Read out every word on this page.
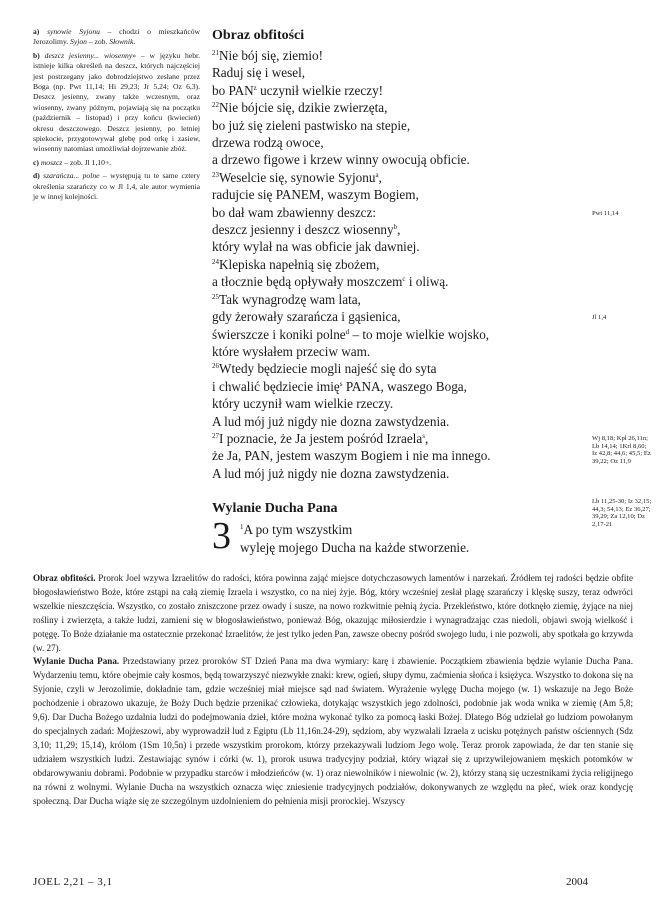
a) synowie Syjonu – chodzi o mieszkańców Jerozolimy. Syjon – zob. Słownik.

b) deszcz jesienny... wiosenny» – w języku hebr. istnieje kilka określeń na deszcz, których najczęściej jest postrzegany jako dobrodziejstwo zesłane przez Boga (np. Pwt 11,14; Hi 29,23; Jr 5,24; Oz 6,3). Deszcz jesienny, zwany także wczesnym, oraz wiosenny, zwany późnym, pojawiają się na początku (październik – listopad) i przy końcu (kwiecień) okresu deszczowego. Deszcz jesienny, po letniej spiekocie, przygotowywał glebę pod orkę i zasiew, wiosenny natomiast umożliwiał dojrzewanie zbóż.

c) moszcz – zob. Jl 1,10+.

d) szarańcza... polne – występują tu te same cztery określenia szarańczy co w Jl 1,4, ale autor wymienia je w innej kolejności.

Obraz obfitości
$^{21}$Nie bój się, ziemio!
Raduj się i wesel,
bo PAN$^z$ uczynił wielkie rzeczy!
$^{22}$Nie bójcie się, dzikie zwierzęta,
bo już się zieleni pastwisko na stepie,
drzewa rodzą owoce,
a drzewo figowe i krzew winny owocują obficie.
$^{23}$Weselcie się, synowie Syjonu$^a$,
radujcie się PANEM, waszym Bogiem,
bo dał wam zbawienny deszcz:
deszcz jesienny i deszcz wiosenny$^b$,
który wylał na was obficie jak dawniej.
$^{24}$Klepiska napełnią się zbożem,
a tłocznie będą opływały moszczem$^c$ i oliwą.
$^{25}$Tak wynagrodzę wam lata,
gdy żerowały szarańcza i gąsienica,
świerszcze i koniki polne$^d$ – to moje wielkie wojsko,
które wysłałem przeciw wam.
$^{26}$Wtedy będziecie mogli najeść się do syta
i chwalić będziecie imię$^s$ PANA, waszego Boga,
który uczynił wam wielkie rzeczy.
A lud mój już nigdy nie dozna zawstydzenia.
$^{27}$I poznacie, że Ja jestem pośród Izraela$^s$,
że Ja, PAN, jestem waszym Bogiem i nie ma innego.
A lud mój już nigdy nie dozna zawstydzenia.
Wylanie Ducha Pana
3 $^1$A po tym wszystkim
wyleję mojego Ducha na każde stworzenie.
Pwt 11,14
Jl 1,4
Wj 8,18; Kpł 26,11n; Lb 14,14; 1Krl 8,60; Iz 42,8; 44,6; 45,5; Ez 39,22; Oz 11,9
Lb 11,25-30; Iz 32,15; 44,3; 54,13; Ez 36,27; 39,29; Za 12,10; Dz 2,17-21

Obraz obfitości. Prorok Joel wzywa Izraelitów do radości, która powinna zająć miejsce dotychczasowych lamentów i narzekań. Źródłem tej radości będzie obfite błogosławieństwo Boże, które zstąpi na całą ziemię Izraela i wszystko, co na niej żyje. Bóg, który wcześniej zesłał plagę szarańczy i klęskę suszy, teraz odwróci wszelkie nieszczęścia. Wszystko, co zostało zniszczone przez owady i susze, na nowo rozkwitnie pełnią życia. Przekleństwo, które dotknęło ziemię, żyjące na niej rośliny i zwierzęta, a także ludzi, zamieni się w błogosławieństwo, ponieważ Bóg, okazując miłosierdzie i wynagradzając czas niedoli, objawi swoją wielkość i potęgę. To Boże działanie ma ostatecznie przekonać Izraelitów, że jest tylko jeden Pan, zawsze obecny pośród swojego ludu, i nie pozwoli, aby spotkała go krzywda (w. 27).

Wylanie Ducha Pana. Przedstawiany przez proroków ST Dzień Pana ma dwa wymiary: karę i zbawienie. Początkiem zbawienia będzie wylanie Ducha Pana. Wydarzeniu temu, które obejmie cały kosmos, będą towarzyszyć niezwykłe znaki: krew, ogień, słupy dymu, zaćmienia słońca i księżyca. Wszystko to dokona się na Syjonie, czyli w Jerozolimie, dokładnie tam, gdzie wcześniej miał miejsce sąd nad światem. Wyrażenie wylęgę Ducha mojego (w. 1) wskazuje na Jego Boże pochodzenie i obrazowo ukazuje, że Boży Duch będzie przenikać człowieka, dotykając wszystkich jego zdolności, podobnie jak woda wnika w ziemię (Am 5,8; 9,6). Dar Ducha Bożego uzdalnia ludzi do podejmowania dzieł, które można wykonać tylko za pomocą łaski Bożej. Dlatego Bóg udzielał go ludziom powołanym do specjalnych zadań: Mojżeszowi, aby wyprowadził lud z Egiptu (Lb 11,16n.24-29), sędziom, aby wyzwalali Izraela z ucisku potężnych państw ościennych (Sdz 3,10; 11,29; 15,14), królom (1Sm 10,5n) i przede wszystkim prorokom, którzy przekazywali ludziom Jego wolę. Teraz prorok zapowiada, że dar ten stanie się udziałem wszystkich ludzi. Zestawiając synów i córki (w. 1), prorok usuwa tradycyjny podział, który wiązał się z uprzywilejowaniem męskich potomków w obdarowywaniu dobrami. Podobnie w przypadku starców i młodzieńców (w. 1) oraz niewolników i niewolnic (w. 2), którzy staną się uczestnikami życia religijnego na równi z wolnymi. Wylanie Ducha na wszystkich oznacza więc zniesienie tradycyjnych podziałów, dokonywanych ze względu na płeć, wiek oraz kondycję społeczną. Dar Ducha wiąże się ze szczególnym uzdolnieniem do pełnienia misji prorockiej. Wszyscy

JOEL 2,21 – 3,1	2004
